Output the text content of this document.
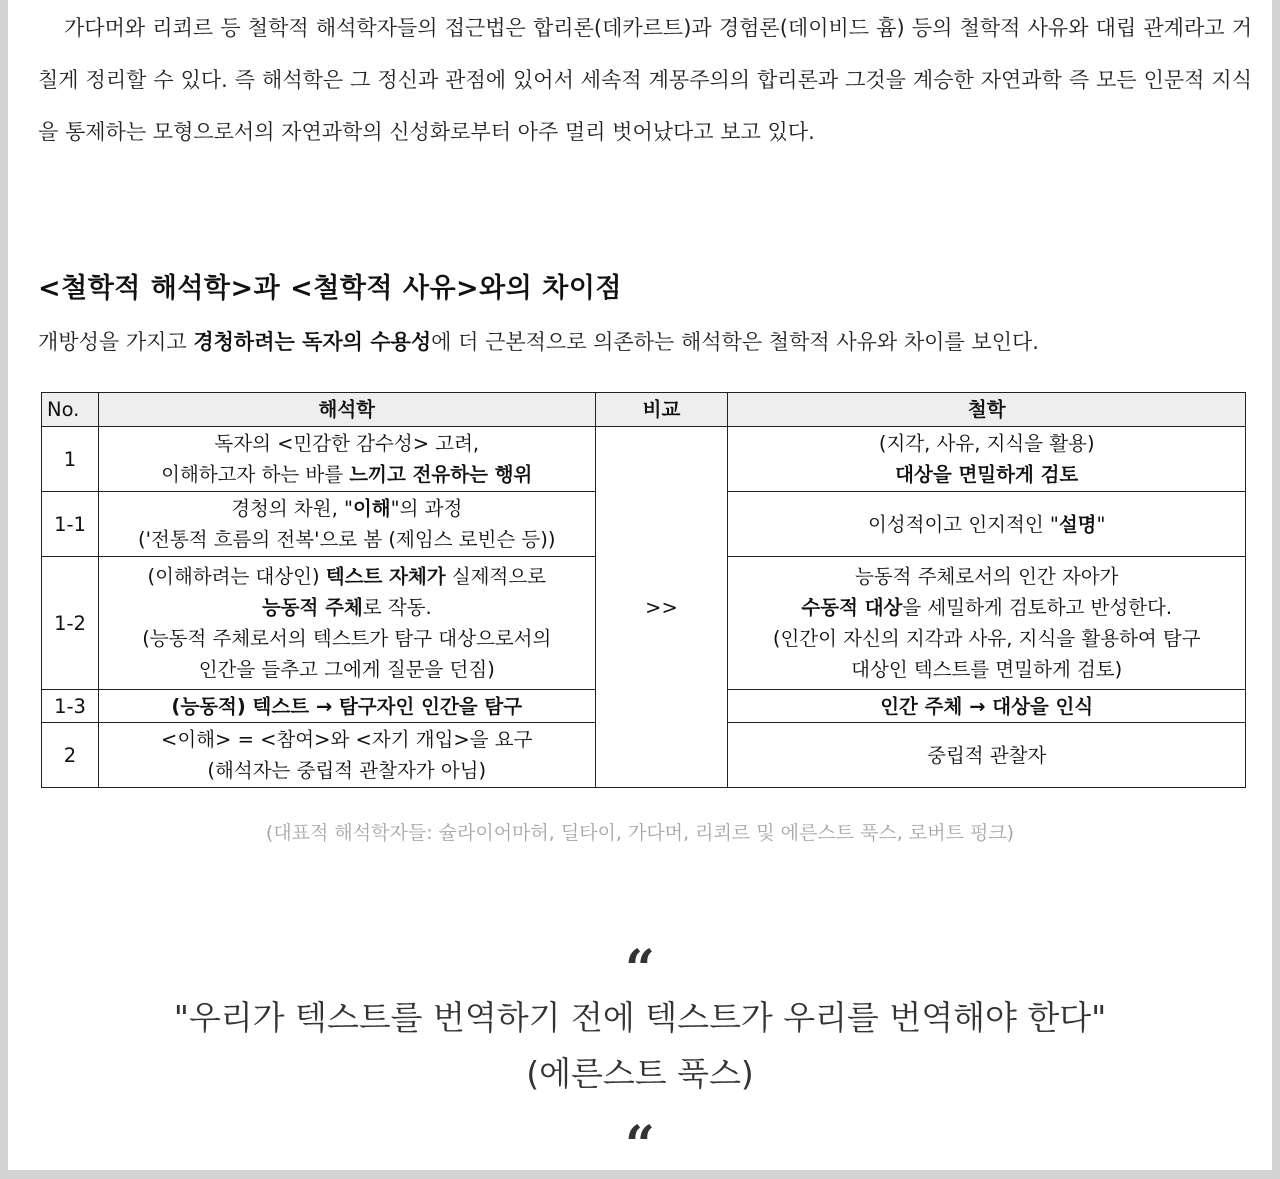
가다머와 리쾨르 등 철학적 해석학자들의 접근법은 합리론(데카르트)과 경험론(데이비드 흄) 등의 철학적 사유와 대립 관계라고 거칠게 정리할 수 있다. 즉 해석학은 그 정신과 관점에 있어서 세속적 계몽주의의 합리론과 그것을 계승한 자연과학 즉 모든 인문적 지식을 통제하는 모형으로서의 자연과학의 신성화로부터 아주 멀리 벗어났다고 보고 있다.

<철학적 해석학>과 <철학적 사유>와의 차이점

개방성을 가지고 경청하려는 독자의 수용성에 더 근본적으로 의존하는 해석학은 철학적 사유와 차이를 보인다.

No.	해석학	비교	철학
1	독자의 <민감한 감수성> 고려,
이해하고자 하는 바를 느끼고 전유하는 행위	>>	(지각, 사유, 지식을 활용)
대상을 면밀하게 검토
1-1	경청의 차원, "이해"의 과정
('전통적 흐름의 전복'으로 봄 (제임스 로빈슨 등))		이성적이고 인지적인 "설명"
1-2	(이해하려는 대상인) 텍스트 자체가 실제적으로
능동적 주체로 작동.
(능동적 주체로서의 텍스트가 탐구 대상으로서의
인간을 들추고 그에게 질문을 던짐)		능동적 주체로서의 인간 자아가
수동적 대상을 세밀하게 검토하고 반성한다.
(인간이 자신의 지각과 사유, 지식을 활용하여 탐구
대상인 텍스트를 면밀하게 검토)
1-3	(능동적) 텍스트 → 탐구자인 인간을 탐구		인간 주체 → 대상을 인식
2	<이해> = <참여>와 <자기 개입>을 요구
(해석자는 중립적 관찰자가 아님)		중립적 관찰자

(대표적 해석학자들: 슐라이어마허, 딜타이, 가다머, 리쾨르 및 에른스트 푹스, 로버트 펑크)

“

"우리가 텍스트를 번역하기 전에 텍스트가 우리를 번역해야 한다"
(에른스트 푹스)

“
